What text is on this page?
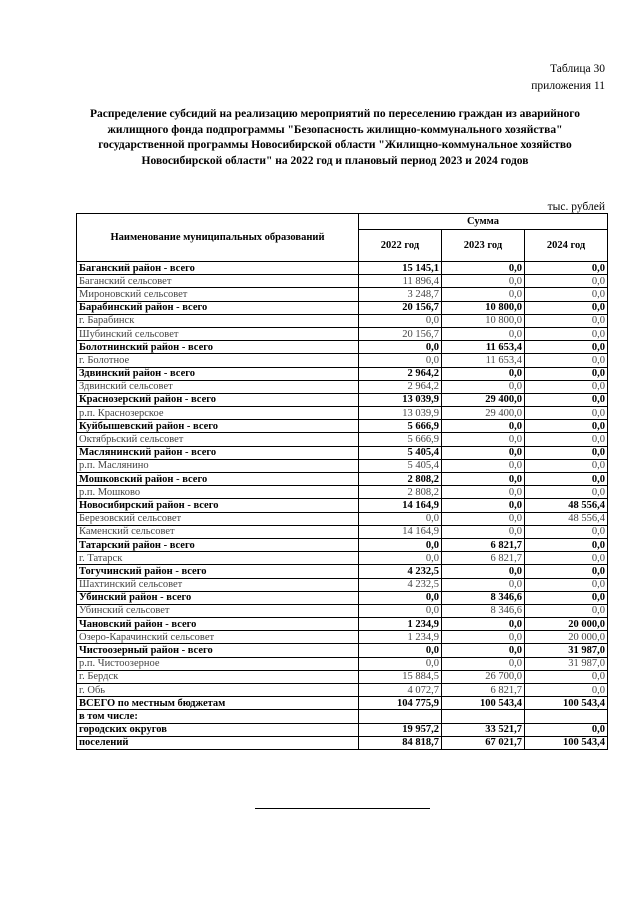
Таблица 30
приложения 11
Распределение субсидий на реализацию мероприятий по переселению граждан из аварийного жилищного фонда подпрограммы "Безопасность жилищно-коммунального хозяйства" государственной программы Новосибирской области "Жилищно-коммунальное хозяйство Новосибирской области" на 2022 год и плановый период 2023 и 2024 годов
тыс. рублей
Наименование муниципальных образований	Сумма		
	2022 год	2023 год	2024 год
Баганский район - всего	15 145,1	0,0	0,0
Баганский сельсовет	11 896,4	0,0	0,0
Мироновский сельсовет	3 248,7	0,0	0,0
Барабинский район - всего	20 156,7	10 800,0	0,0
г. Барабинск	0,0	10 800,0	0,0
Шубинский сельсовет	20 156,7	0,0	0,0
Болотнинский район - всего	0,0	11 653,4	0,0
г. Болотное	0,0	11 653,4	0,0
Здвинский район - всего	2 964,2	0,0	0,0
Здвинский сельсовет	2 964,2	0,0	0,0
Краснозерский район - всего	13 039,9	29 400,0	0,0
р.п. Краснозерское	13 039,9	29 400,0	0,0
Куйбышевский район - всего	5 666,9	0,0	0,0
Октябрьский сельсовет	5 666,9	0,0	0,0
Маслянинский район - всего	5 405,4	0,0	0,0
р.п. Маслянино	5 405,4	0,0	0,0
Мошковский район - всего	2 808,2	0,0	0,0
р.п. Мошково	2 808,2	0,0	0,0
Новосибирский район - всего	14 164,9	0,0	48 556,4
Березовский сельсовет	0,0	0,0	48 556,4
Каменский сельсовет	14 164,9	0,0	0,0
Татарский район - всего	0,0	6 821,7	0,0
г. Татарск	0,0	6 821,7	0,0
Тогучинский район - всего	4 232,5	0,0	0,0
Шахтинский сельсовет	4 232,5	0,0	0,0
Убинский район - всего	0,0	8 346,6	0,0
Убинский сельсовет	0,0	8 346,6	0,0
Чановский район - всего	1 234,9	0,0	20 000,0
Озеро-Карачинский сельсовет	1 234,9	0,0	20 000,0
Чистоозерный район - всего	0,0	0,0	31 987,0
р.п. Чистоозерное	0,0	0,0	31 987,0
г. Бердск	15 884,5	26 700,0	0,0
г. Обь	4 072,7	6 821,7	0,0
ВСЕГО по местным бюджетам	104 775,9	100 543,4	100 543,4
в том числе:			
городских округов	19 957,2	33 521,7	0,0
поселений	84 818,7	67 021,7	100 543,4
